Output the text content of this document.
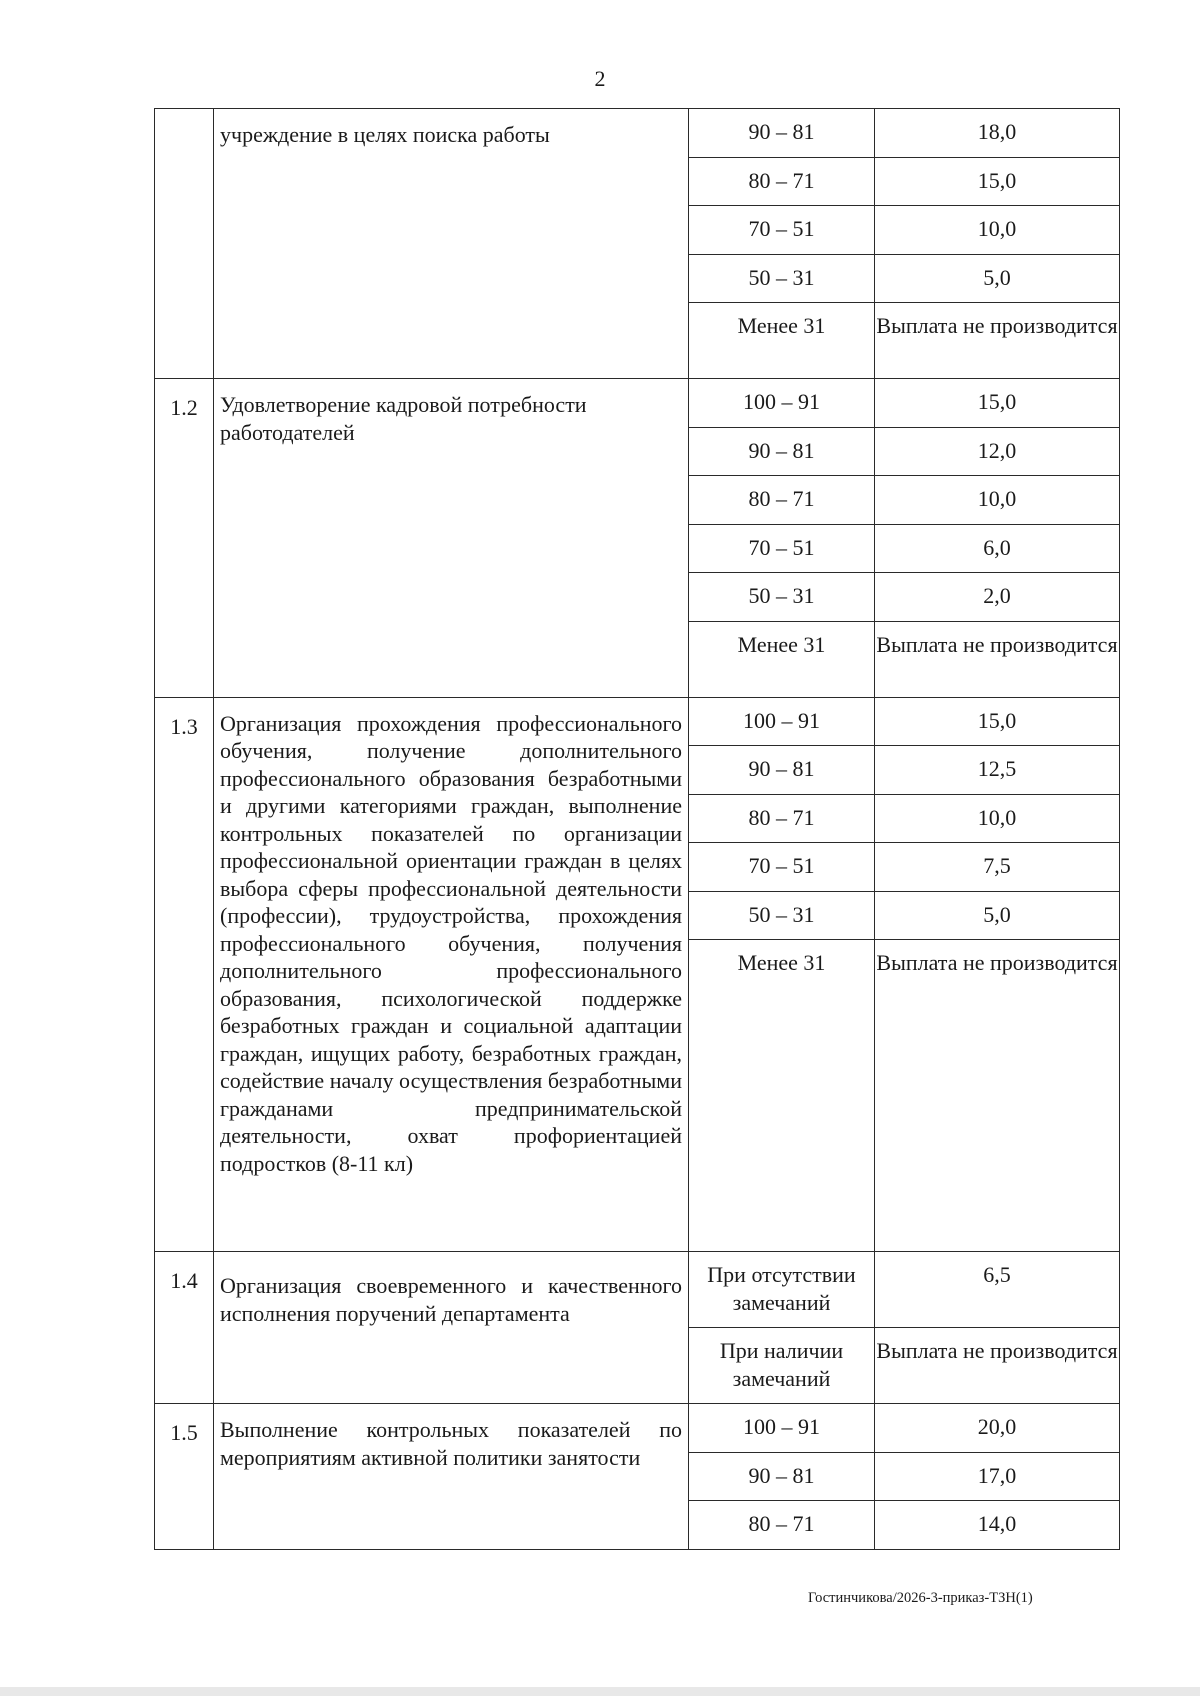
2

	учреждение в целях поиска работы	90 – 81	18,0
		80 – 71	15,0
		70 – 51	10,0
		50 – 31	5,0
		Менее 31	Выплата не производится
1.2	Удовлетворение кадровой потребности работодателей	100 – 91	15,0
		90 – 81	12,0
		80 – 71	10,0
		70 – 51	6,0
		50 – 31	2,0
		Менее 31	Выплата не производится
1.3	Организация прохождения профессионального обучения, получение дополнительного профессионального образования безработными и другими категориями граждан, выполнение контрольных показателей по организации профессиональной ориентации граждан в целях выбора сферы профессиональной деятельности (профессии), трудоустройства, прохождения профессионального обучения, получения дополнительного профессионального образования, психологической поддержке безработных граждан и социальной адаптации граждан, ищущих работу, безработных граждан, содействие началу осуществления безработными гражданами предпринимательской деятельности, охват профориентацией подростков (8-11 кл)	100 – 91	15,0
		90 – 81	12,5
		80 – 71	10,0
		70 – 51	7,5
		50 – 31	5,0
		Менее 31	Выплата не производится
1.4	Организация своевременного и качественного исполнения поручений департамента	При отсутствии замечаний	6,5
		При наличии замечаний	Выплата не производится
1.5	Выполнение контрольных показателей по мероприятиям активной политики занятости	100 – 91	20,0
		90 – 81	17,0
		80 – 71	14,0
Гостинчикова/2026-3-приказ-ТЗН(1)
